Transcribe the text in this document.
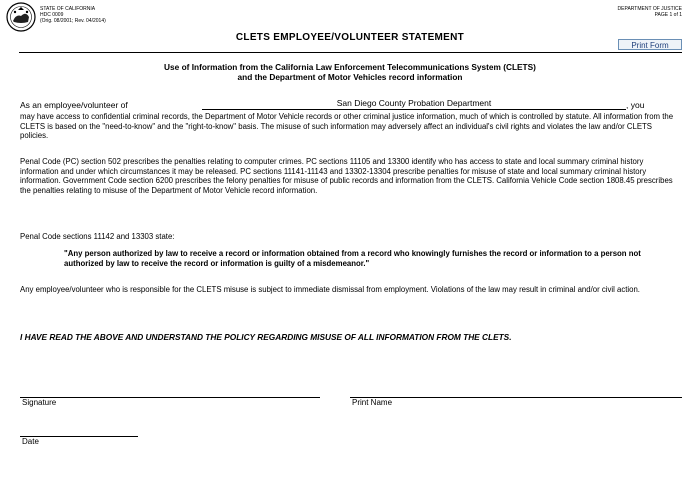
STATE OF CALIFORNIA
HDC 0009
(Orig. 08/2001; Rev. 04/2014)
DEPARTMENT OF JUSTICE
PAGE 1 of 1
CLETS EMPLOYEE/VOLUNTEER STATEMENT
Print Form
Use of Information from the California Law Enforcement Telecommunications System (CLETS)
and the Department of Motor Vehicles record information
As an employee/volunteer of	, you
San Diego County Probation Department
may have access to confidential criminal records, the Department of Motor Vehicle records or other criminal justice information, much of which is controlled by statute. All information from the CLETS is based on the "need-to-know" and the "right-to-know" basis. The misuse of such information may adversely affect an individual's civil rights and violates the law and/or CLETS policies.
Penal Code (PC) section 502 prescribes the penalties relating to computer crimes. PC sections 11105 and 13300 identify who has access to state and local summary criminal history information and under which circumstances it may be released. PC sections 11141-11143 and 13302-13304 prescribe penalties for misuse of state and local summary criminal history information. Government Code section 6200 prescribes the felony penalties for misuse of public records and information from the CLETS. California Vehicle Code section 1808.45 prescribes the penalties relating to misuse of the Department of Motor Vehicle record information.
Penal Code sections 11142 and 13303 state:
"Any person authorized by law to receive a record or information obtained from a record who knowingly furnishes the record or information to a person not authorized by law to receive the record or information is guilty of a misdemeanor."
Any employee/volunteer who is responsible for the CLETS misuse is subject to immediate dismissal from employment. Violations of the law may result in criminal and/or civil action.
I HAVE READ THE ABOVE AND UNDERSTAND THE POLICY REGARDING MISUSE OF ALL INFORMATION FROM THE CLETS.
Signature	Print Name
Date
